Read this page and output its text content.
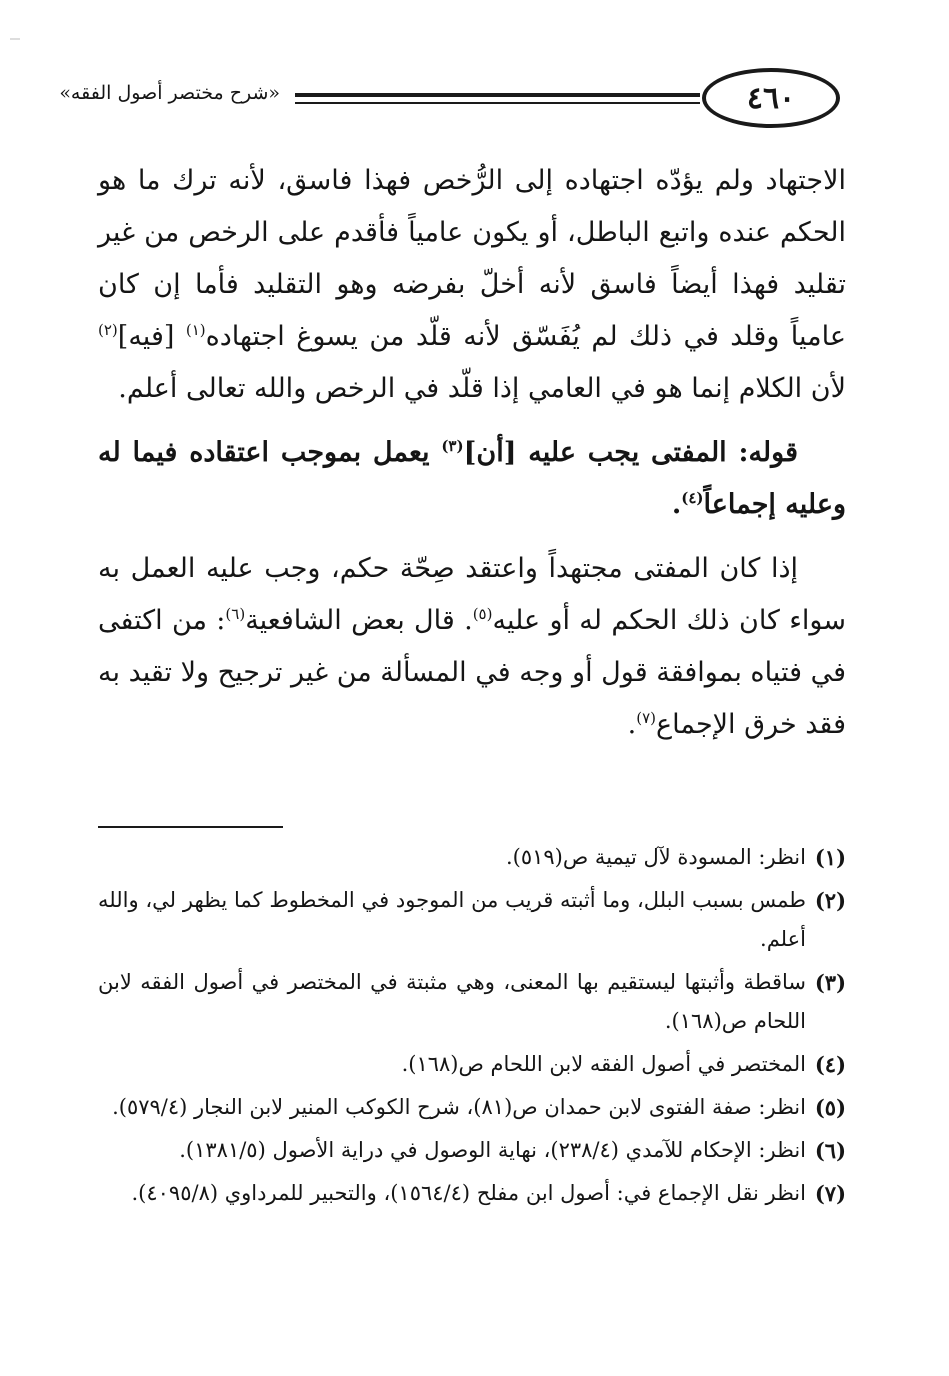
«شرح مختصر أصول الفقه»	٤٦٠

الاجتهاد ولم يؤدّه اجتهاده إلى الرُّخص فهذا فاسق، لأنه ترك ما هو الحكم عنده واتبع الباطل، أو يكون عامياً فأقدم على الرخص من غير تقليد فهذا أيضاً فاسق لأنه أخلّ بفرضه وهو التقليد فأما إن كان عامياً وقلد في ذلك لم يُفَسّق لأنه قلّد من يسوغ اجتهاده$^{(١)}$ [فيه]$^{(٢)}$ لأن الكلام إنما هو في العامي إذا قلّد في الرخص والله تعالى أعلم.

قوله: المفتى يجب عليه [أن]$^{(٣)}$ يعمل بموجب اعتقاده فيما له وعليه إجماعاً$^{(٤)}$.

إذا كان المفتى مجتهداً واعتقد صِحّة حكم، وجب عليه العمل به سواء كان ذلك الحكم له أو عليه$^{(٥)}$. قال بعض الشافعية$^{(٦)}$: من اكتفى في فتياه بموافقة قول أو وجه في المسألة من غير ترجيح ولا تقيد به فقد خرق الإجماع$^{(٧)}$.

(١)
انظر: المسودة لآل تيمية ص(٥١٩).
(٢)
طمس بسبب البلل، وما أثبته قريب من الموجود في المخطوط كما يظهر لي، والله أعلم.
(٣)
ساقطة وأثبتها ليستقيم بها المعنى، وهي مثبتة في المختصر في أصول الفقه لابن اللحام ص(١٦٨).
(٤)
المختصر في أصول الفقه لابن اللحام ص(١٦٨).
(٥)
انظر: صفة الفتوى لابن حمدان ص(٨١)، شرح الكوكب المنير لابن النجار (٥٧٩/٤).
(٦)
انظر: الإحكام للآمدي (٢٣٨/٤)، نهاية الوصول في دراية الأصول (١٣٨١/٥).
(٧)
انظر نقل الإجماع في: أصول ابن مفلح (١٥٦٤/٤)، والتحبير للمرداوي (٤٠٩٥/٨).
